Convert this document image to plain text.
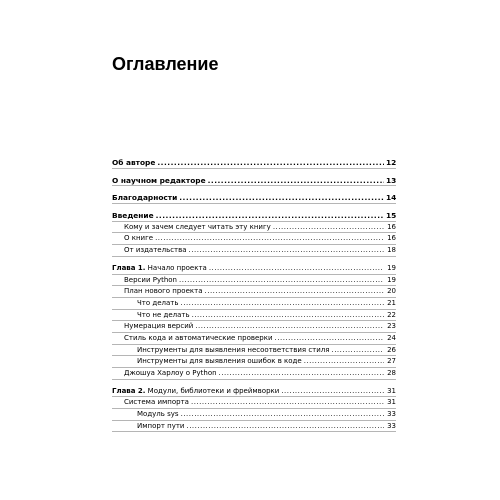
Оглавление
Об авторе .....	12
О научном редакторе .....	13
Благодарности .....	14
Введение .....	15
Кому и зачем следует читать эту книгу .....	16
О книге .....	16
От издательства .....	18
Глава 1. Начало проекта .....	19
Версии Python .....	19
План нового проекта .....	20
Что делать .....	21
Что не делать .....	22
Нумерация версий .....	23
Стиль кода и автоматические проверки .....	24
Инструменты для выявления несоответствия стиля .....	26
Инструменты для выявления ошибок в коде .....	27
Джошуа Харлоу о Python .....	28
Глава 2. Модули, библиотеки и фреймворки .....	31
Система импорта .....	31
Модуль sys .....	33
Импорт пути .....	33
